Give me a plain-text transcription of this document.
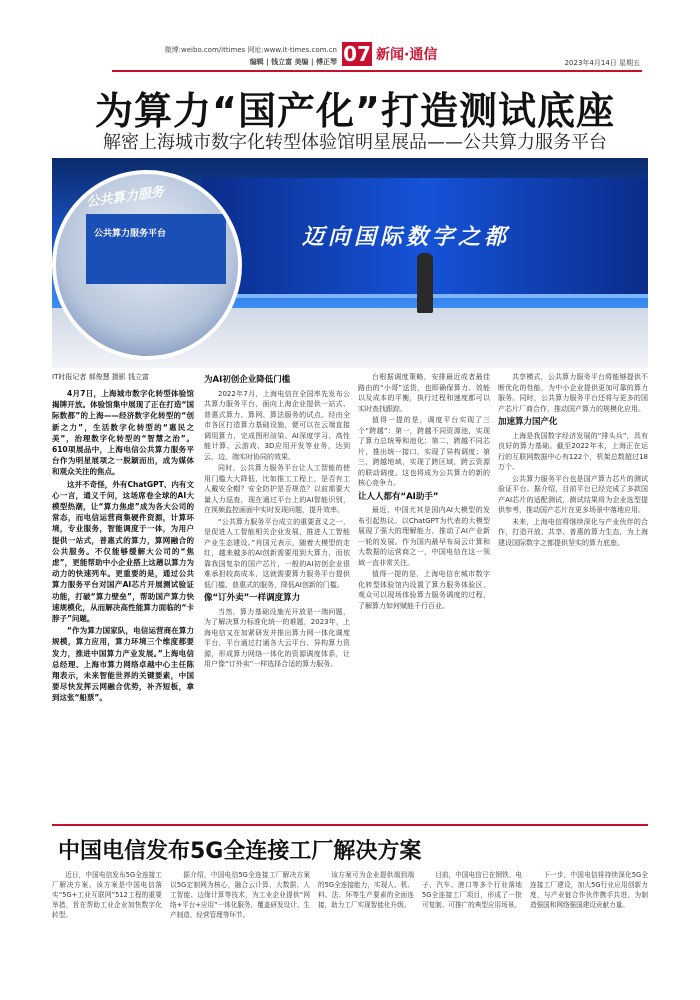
微博:weibo.com/ittimes 网址:www.it-times.com.cn
编辑 | 钱立富 美编 | 傅正琴 07 新闻·通信	2023年4月14日 星期五
为算力“国产化”打造测试底座
解密上海城市数字化转型体验馆明星展品——公共算力服务平台
迈向国际数字之都
公共算力服务
公共算力服务平台
IT时报记者 郝俊慧 摄影 钱立富

4月7日，上海城市数字化转型体验馆揭牌开放。体验馆集中展现了正在打造“国际数都”的上海——经济数字化转型的“创新之力”，生活数字化转型的“惠民之美”，治理数字化转型的“智慧之治”。610项展品中，上海电信公共算力服务平台作为明星展项之一脱颖而出，成为媒体和观众关注的焦点。

这并不奇怪，外有ChatGPT、内有文心一言，通义千问，这场席卷全球的AI大模型热潮，让“算力焦虑”成为各大公司的常态，而电信运营商集硬件资源，计算环境，专业服务，智能调度于一体，为用户提供一站式，普惠式的算力，算网融合的公共服务。不仅能够缓解大公司的“焦虑”，更能帮助中小企业搭上这趟以算力为动力的快速列车。更重要的是，通过公共算力服务平台对国产AI芯片开展测试验证功能，打破“算力壁垒”，帮助国产算力快速规模化，从而解决高性能算力面临的“卡脖子”问题。

“作为算力国家队，电信运营商在算力规模，算力应用，算力环境三个维度都要发力，推进中国算力产业发展。”上海电信总经理、上海市算力网络卓越中心主任陈翔表示，未来智能世界的关键要素，中国要尽快发挥云网融合优势，补齐短板，拿到这张“船票”。

为AI初创企业降低门槛

2022年7月，上海电信在全国率先发布公共算力服务平台，面向上海企业提供一站式、普惠式算力、算网、算法服务的试点。经由全市各区打造算力基础设施，便可以在云端直接调用算力，完成图形渲染、AI深度学习、高性能计算、云游戏、3D应用开发等业务，达到云、边、端实时协同的效果。

同时，公共算力服务平台让人工智能的使用门槛大大降低，比如推工工程上，是否有工人戴安全帽？安全防护是否规范？以前需要大量人力巡查，现在通过平台上的AI智能识别，在视频监控画面中实时发现问题，提升效率。

“公共算力服务平台成立的重要意义之一，是促进人工智能相关企业发展，推进人工智能产业生态建设。”肖国元表示，随着大模型的走红，越来越多的AI创新需要用到大算力，而依靠我国复杂的国产芯片，一般的AI初创企业很难承担较高成本，这就需要算力服务平台提供低门槛、普惠式的服务，降低AI创新的门槛。

像“订外卖”一样调度算力

当然，算力基础设施光开放是一端问题，为了解决算力标准化统一的难题，2023年，上海电信又在加紧研发并推出算力网一体化调度平台，平台通过打通各大云平台、异构算力资源，形成算力网络一体化的资源调度体系，让用户像“订外卖”一样选择合适的算力服务。

台根据调度策略，安排最近或者最佳路由的“小哥”送货，也即确保算力、效能以及成本的平衡，执行过程和速度都可以实时查找跟踪。

值得一提的是，调度平台实现了三个“跨越”：第一，跨越不同资源池，实现了算力总统筹和池化；第二，跨越不同芯片，推出统一接口，实现了异构调度；第三，跨越地域，实现了跨区域，跨云资源的联动调度。这也将成为公共算力的新的核心竞争力。

让人人都有“AI助手”

最近，中国尤其是国内AI大模型的发布引起热议。以ChatGPT为代表的大模型展现了强大的理解能力，推动了AI产业新一轮的发展。作为国内最早布局云计算和大数据的运营商之一，中国电信在这一领域一直非常关注。

值得一提的是，上海电信在城市数字化转型体验馆内设置了算力服务体验区，观众可以现场体验算力服务调度的过程，了解算力如何赋能千行百业。

共享模式，公共算力服务平台将能够提供不断优化的性能，为中小企业提供更加可靠的算力服务。同时，公共算力服务平台还将与更多的国产芯片厂商合作，推动国产算力的规模化应用。

加速算力国产化

上海是我国数字经济发展的“排头兵”，具有良好的算力基础。截至2022年末，上海正在运行的互联网数据中心有122个，机架总数超过18万个。

公共算力服务平台也是国产算力芯片的测试验证平台。据介绍，目前平台已经完成了多款国产AI芯片的适配测试，测试结果将为企业选型提供参考，推动国产芯片在更多场景中落地应用。

未来，上海电信将继续深化与产业伙伴的合作，打造开放、共享、普惠的算力生态，为上海建设国际数字之都提供坚实的算力底座。

中国电信发布5G全连接工厂解决方案

近日，中国电信发布5G全连接工厂解决方案。该方案是中国电信落实“5G+工业互联网”512工程的重要举措，旨在帮助工业企业加快数字化转型。

据介绍，中国电信5G全连接工厂解决方案以5G定制网为核心，融合云计算、大数据、人工智能、边缘计算等技术，为工业企业提供“网络+平台+应用”一体化服务，覆盖研发设计、生产制造、经营管理等环节。

该方案可为企业提供端到端的5G全连接能力，实现人、机、料、法、环等生产要素的全面连接，助力工厂实现智能化升级。

目前，中国电信已在钢铁、电子、汽车、港口等多个行业落地5G全连接工厂项目，形成了一批可复制、可推广的典型应用场景。

下一步，中国电信将持续深化5G全连接工厂建设，加大5G行业应用创新力度，与产业链合作伙伴携手共进，为制造强国和网络强国建设贡献力量。
